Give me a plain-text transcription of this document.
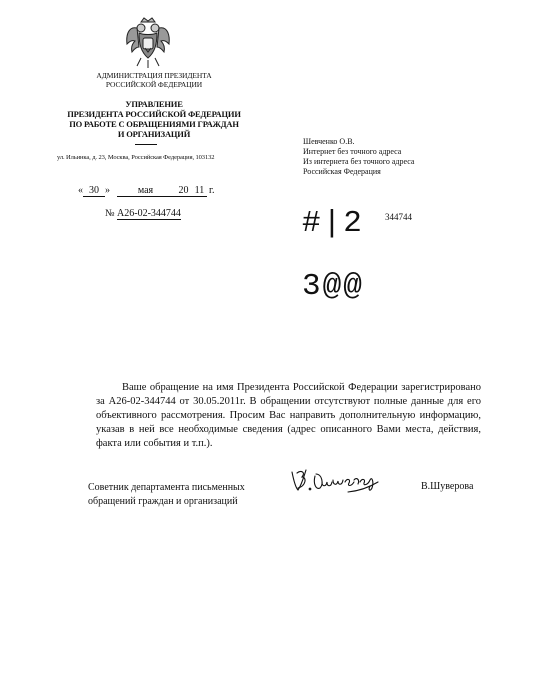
АДМИНИСТРАЦИЯ ПРЕЗИДЕНТА
РОССИЙСКОЙ ФЕДЕРАЦИИ
УПРАВЛЕНИЕ
ПРЕЗИДЕНТА РОССИЙСКОЙ ФЕДЕРАЦИИ
ПО РАБОТЕ С ОБРАЩЕНИЯМИ ГРАЖДАН
И ОРГАНИЗАЦИЙ
ул. Ильинка, д. 23, Москва, Российская Федерация, 103132
Шевченко О.В.
Интернет без точного адреса
Из интернета без точного адреса
Российская Федерация
« 30 »	мая	20 11 г.
№ А26-02-344744	#|2 344744
3@@
Ваше обращение на имя Президента Российской Федерации зарегистрировано за А26-02-344744 от 30.05.2011г. В обращении отсутствуют полные данные для его объективного рассмотрения. Просим Вас направить дополнительную информацию, указав в ней все необходимые сведения (адрес описанного Вами места, действия, факта или события и т.п.).
Советник департамента письменных
обращений граждан и организаций
В.Шуверова
